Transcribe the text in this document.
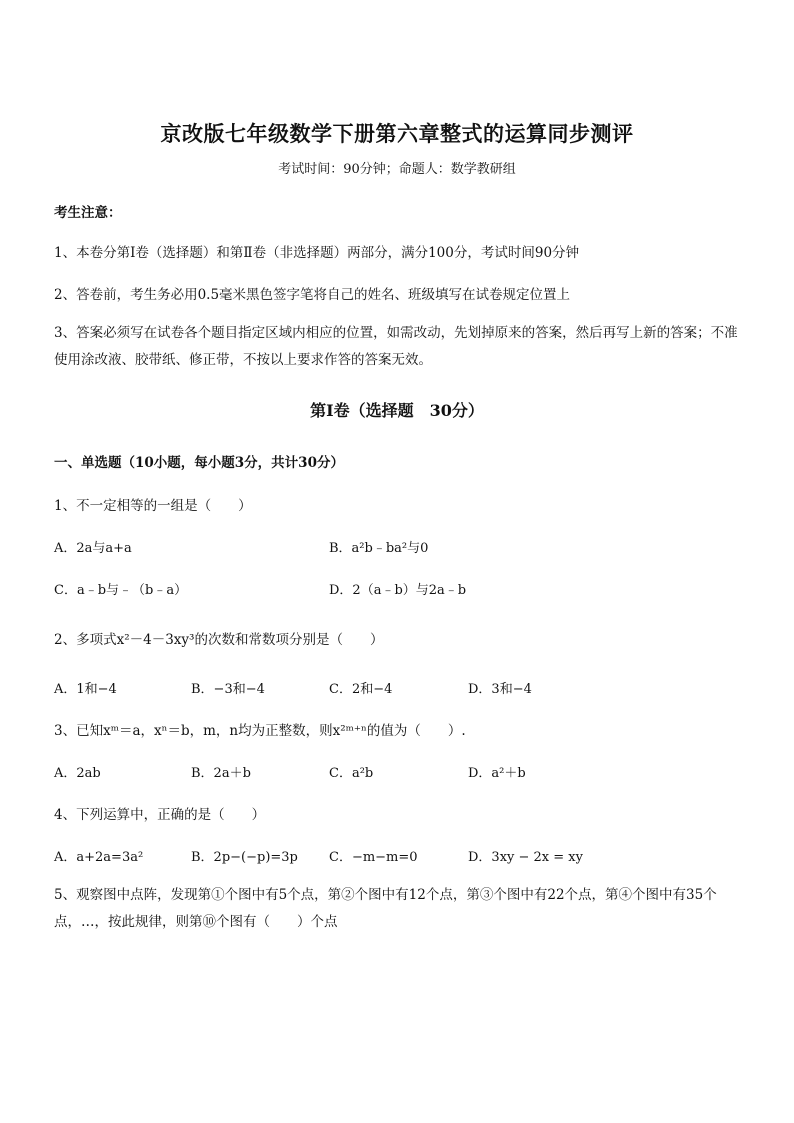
京改版七年级数学下册第六章整式的运算同步测评
考试时间：90分钟；命题人：数学教研组
考生注意：
1、本卷分第Ⅰ卷（选择题）和第Ⅱ卷（非选择题）两部分，满分100分，考试时间90分钟
2、答卷前，考生务必用0.5毫米黑色签字笔将自己的姓名、班级填写在试卷规定位置上
3、答案必须写在试卷各个题目指定区域内相应的位置，如需改动，先划掉原来的答案，然后再写上新的答案；不准使用涂改液、胶带纸、修正带，不按以上要求作答的答案无效。
第Ⅰ卷（选择题　30分）
一、单选题（10小题，每小题3分，共计30分）
1、不一定相等的一组是（　　）
A．2a与a+a	B．a²b﹣ba²与0
C．a﹣b与﹣（b﹣a）	D．2（a﹣b）与2a﹣b
2、多项式x²－4－3xy³的次数和常数项分别是（　　）
A．1和−4	B．−3和−4	C．2和−4	D．3和−4
3、已知xᵐ＝a，xⁿ＝b，m，n均为正整数，则x²ᵐ⁺ⁿ的值为（　　）.
A．2ab	B．2a＋b	C．a²b	D．a²＋b
4、下列运算中，正确的是（　　）
A．a+2a=3a²	B．2p−(−p)=3p C．−m−m=0	D．3xy − 2x = xy
5、观察图中点阵，发现第①个图中有5个点，第②个图中有12个点，第③个图中有22个点，第④个图中有35个点，…，按此规律，则第⑩个图有（　　）个点
